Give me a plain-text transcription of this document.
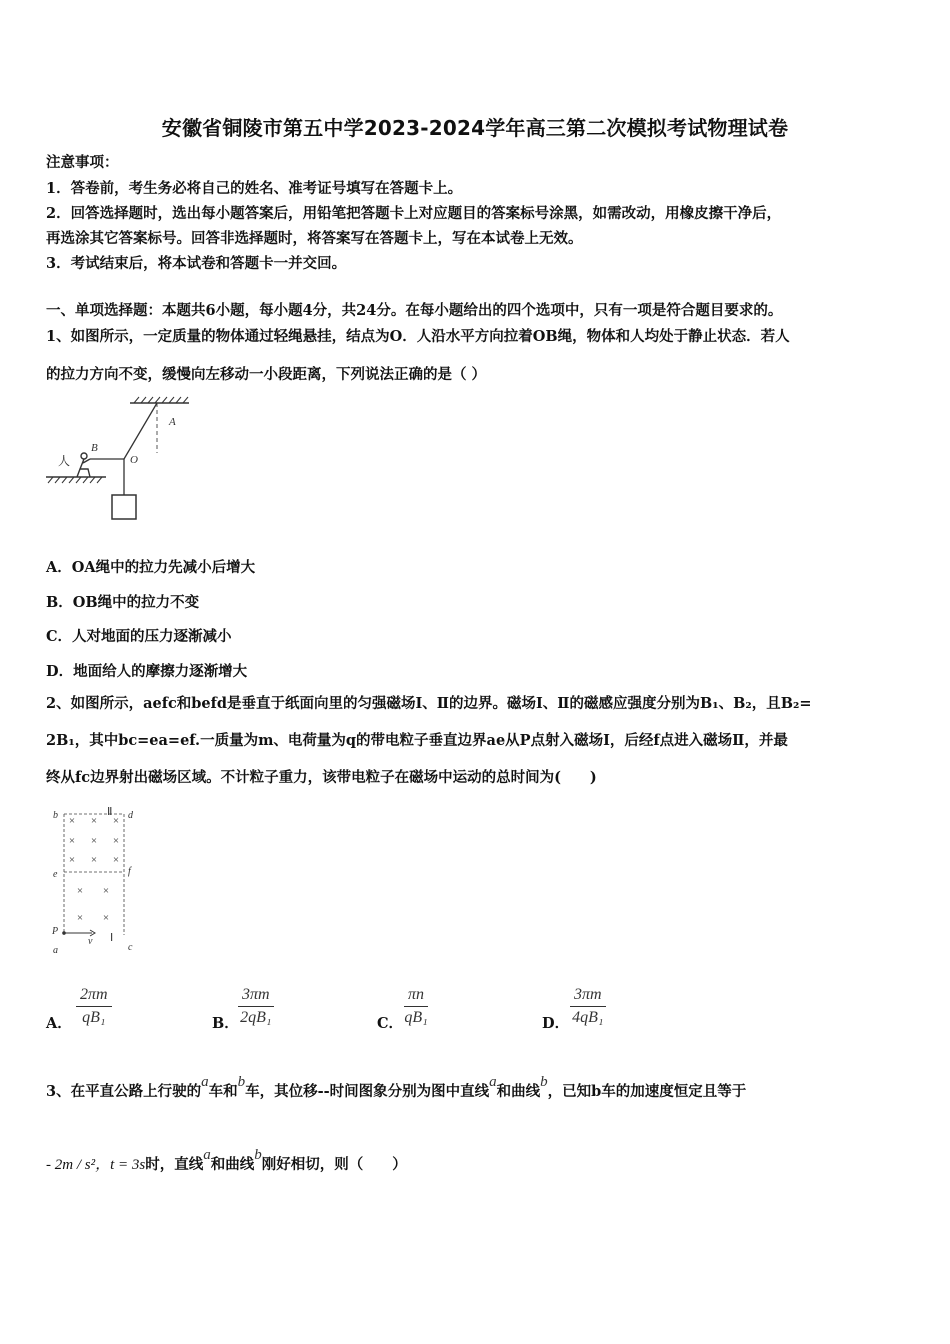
安徽省铜陵市第五中学2023-2024学年高三第二次模拟考试物理试卷
注意事项：
1．答卷前，考生务必将自己的姓名、准考证号填写在答题卡上。
2．回答选择题时，选出每小题答案后，用铅笔把答题卡上对应题目的答案标号涂黑，如需改动，用橡皮擦干净后，
再选涂其它答案标号。回答非选择题时，将答案写在答题卡上，写在本试卷上无效。
3．考试结束后，将本试卷和答题卡一并交回。
一、单项选择题：本题共6小题，每小题4分，共24分。在每小题给出的四个选项中，只有一项是符合题目要求的。
1、如图所示，一定质量的物体通过轻绳悬挂，结点为O．人沿水平方向拉着OB绳，物体和人均处于静止状态．若人
的拉力方向不变，缓慢向左移动一小段距离，下列说法正确的是（ ）
A
B
O
人
A．OA绳中的拉力先减小后增大
B．OB绳中的拉力不变
C．人对地面的压力逐渐减小
D．地面给人的摩擦力逐渐增大
2、如图所示，aefc和befd是垂直于纸面向里的匀强磁场Ⅰ、Ⅱ的边界。磁场Ⅰ、Ⅱ的磁感应强度分别为B₁、B₂，且B₂=
2B₁，其中bc=ea=ef.一质量为m、电荷量为q的带电粒子垂直边界ae从P点射入磁场Ⅰ，后经f点进入磁场Ⅱ，并最
终从fc边界射出磁场区域。不计粒子重力，该带电粒子在磁场中运动的总时间为(　　)
× × ×
× × ×
× × ×
× ×
× ×
b	d
e	f
P
a	c
v
Ⅱ
Ⅰ
A． $\frac{2\pi m}{\text{qB₁}}$	B． $\frac{3\pi m}{\text{2qB₁}}$	C． $\frac{\pi n}{\text{qB₁}}$	D． $\frac{3\pi m}{\text{4qB₁}}$
3、在平直公路上行驶的a车和b车，其位移--时间图象分别为图中直线a和曲线b，已知b车的加速度恒定且等于
- 2m / s²，t = 3s时，直线a和曲线b刚好相切，则（　　）
